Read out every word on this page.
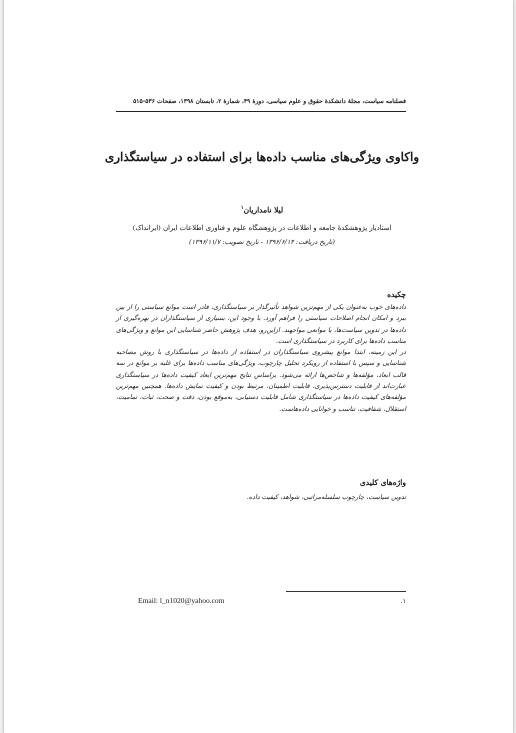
فصلنامه سیاست، مجلهٔ دانشکدهٔ حقوق و علوم سیاسی، دورهٔ ۴۹، شمارهٔ ۲، تابستان ۱۳۹۸، صفحات ۵۳۶-۵۱۵
واکاوی ویژگی‌های مناسب داده‌ها برای استفاده در سیاستگذاری
لیلا نامداریان$^۱$
استادیار پژوهشکدهٔ جامعه و اطلاعات در پژوهشگاه علوم و فناوری اطلاعات ایران (ایرانداک)
(تاریخ دریافت: ۱۳۹۶/۶/۱۴ - تاریخ تصویب: ۱۳۹۶/۱۱/۷)
چکیده

داده‌های خوب به‌عنوان یکی از مهم‌ترین شواهد تأثیرگذار بر سیاستگذاری، قادر است موانع سیاستی را از بین ببرد و امکان انجام اصلاحات سیاستی را فراهم آورد. با وجود این، بسیاری از سیاستگذاران در بهره‌گیری از داده‌ها در تدوین سیاست‌ها، با موانعی مواجهند. ازاین‌رو، هدف پژوهش حاضر شناسایی این موانع و ویژگی‌های مناسب داده‌ها برای کاربرد در سیاستگذاری است.

در این زمینه، ابتدا موانع پیشروی سیاستگذاران در استفاده از داده‌ها در سیاستگذاری با روش مصاحبه شناسایی و سپس با استفاده از رویکرد تحلیل چارچوب، ویژگی‌های مناسب داده‌ها برای غلبه بر موانع در سه قالب ابعاد، مؤلفه‌ها و شاخص‌ها ارائه می‌شود. براساس نتایج مهم‌ترین ابعاد کیفیت داده‌ها در سیاستگذاری عبارت‌اند از قابلیت دسترس‌پذیری، قابلیت اطمینان، مرتبط بودن و کیفیت نمایش داده‌ها. همچنین مهم‌ترین مؤلفه‌های کیفیت داده‌ها در سیاستگذاری شامل قابلیت دستیابی، به‌موقع بودن، دقت و صحت، ثبات، تمامیت، استقلال، شفافیت، تناسب و خوانایی داده‌هاست.

واژه‌های کلیدی
تدوین سیاست، چارچوب سلسله‌مراتبی، شواهد، کیفیت داده.
۱.
Email: l_n1020@yahoo.com
